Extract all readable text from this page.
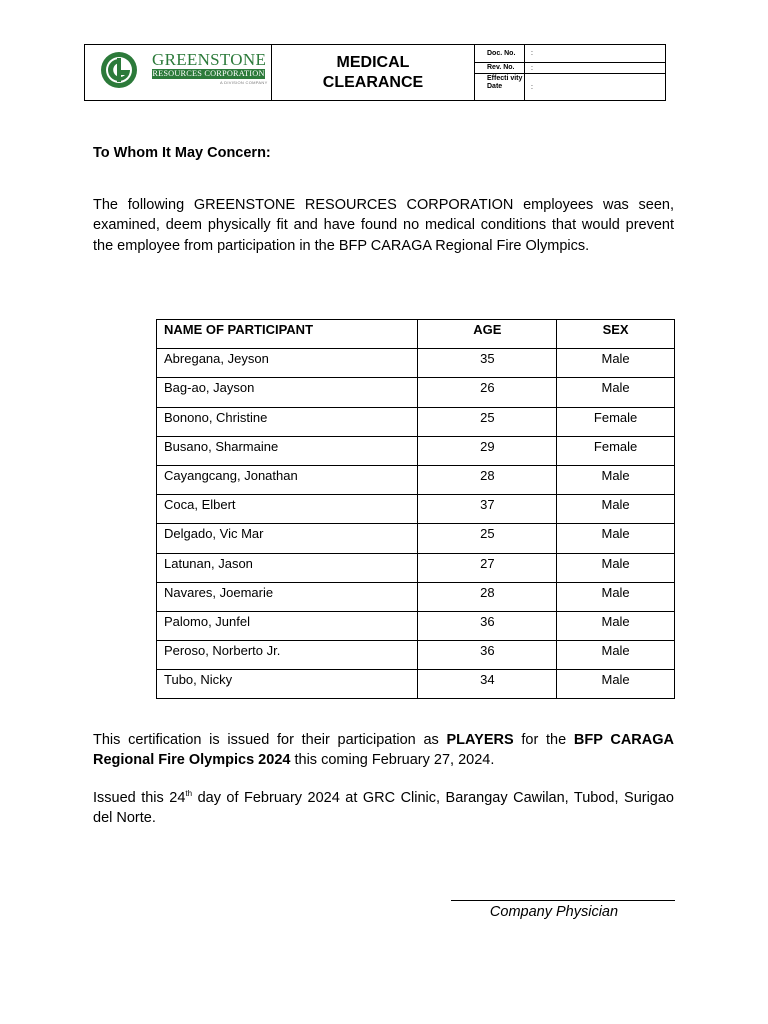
GREENSTONE
RESOURCES CORPORATION
A DIVISION COMPANY
MEDICAL
CLEARANCE
Doc. No.	:
Rev. No.	:
Effecti vity Date	:
To Whom It May Concern:

The following GREENSTONE RESOURCES CORPORATION employees was seen, examined, deem physically fit and have found no medical conditions that would prevent the employee from participation in the BFP CARAGA Regional Fire Olympics.

NAME OF PARTICIPANT	AGE	SEX
Abregana, Jeyson	35	Male
Bag-ao, Jayson	26	Male
Bonono, Christine	25	Female
Busano, Sharmaine	29	Female
Cayangcang, Jonathan	28	Male
Coca, Elbert	37	Male
Delgado, Vic Mar	25	Male
Latunan, Jason	27	Male
Navares, Joemarie	28	Male
Palomo, Junfel	36	Male
Peroso, Norberto Jr.	36	Male
Tubo, Nicky	34	Male

This certification is issued for their participation as PLAYERS for the BFP CARAGA Regional Fire Olympics 2024 this coming February 27, 2024.

Issued this 24th day of February 2024 at GRC Clinic, Barangay Cawilan, Tubod, Surigao del Norte.

Company Physician
